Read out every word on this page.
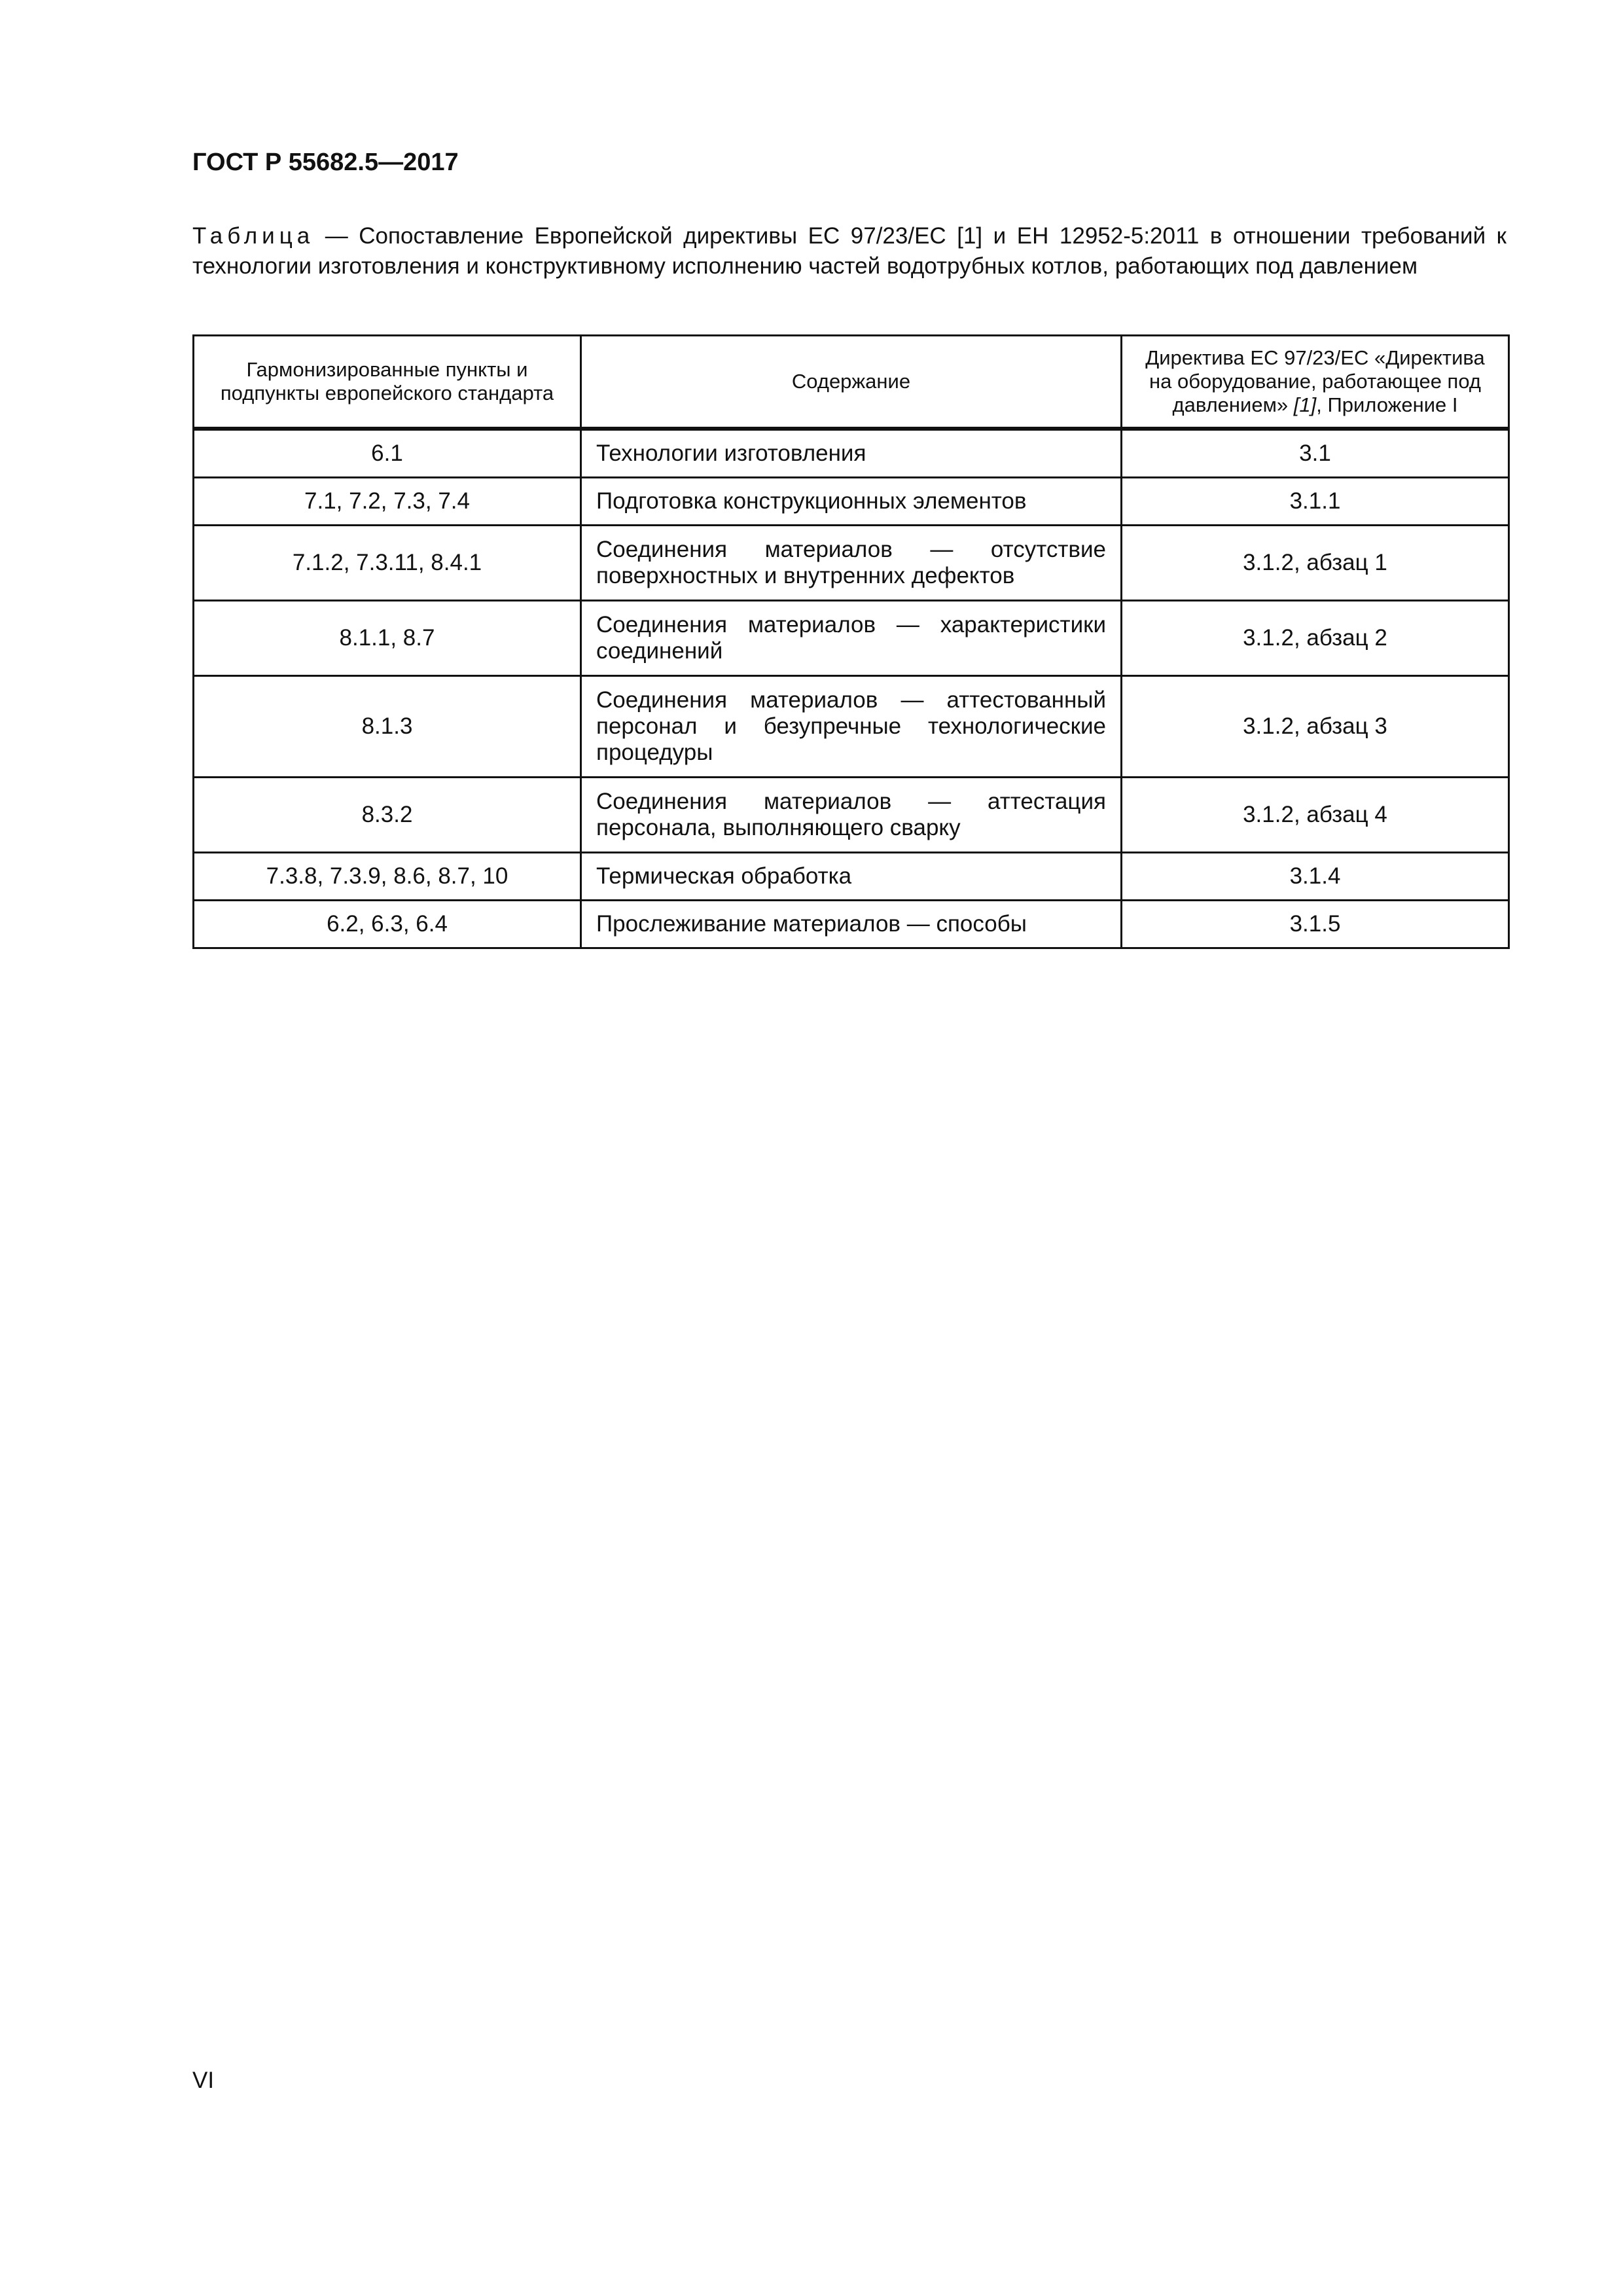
ГОСТ Р 55682.5—2017
Таблица — Сопоставление Европейской директивы ЕС 97/23/ЕС [1] и ЕН 12952-5:2011 в отношении требований к технологии изготовления и конструктивному исполнению частей водотрубных котлов, работающих под давлением
Гармонизированные пункты и подпункты европейского стандарта	Содержание	Директива ЕС 97/23/ЕС «Директива на оборудование, работающее под давлением» [1], Приложение I
6.1	Технологии изготовления	3.1
7.1, 7.2, 7.3, 7.4	Подготовка конструкционных элементов	3.1.1
7.1.2, 7.3.11, 8.4.1	Соединения материалов — отсутствие поверхностных и внутренних дефектов	3.1.2, абзац 1
8.1.1, 8.7	Соединения материалов — характеристики соединений	3.1.2, абзац 2
8.1.3	Соединения материалов — аттестованный персонал и безупречные технологические процедуры	3.1.2, абзац 3
8.3.2	Соединения материалов — аттестация персонала, выполняющего сварку	3.1.2, абзац 4
7.3.8, 7.3.9, 8.6, 8.7, 10	Термическая обработка	3.1.4
6.2, 6.3, 6.4	Прослеживание материалов — способы	3.1.5
VI
